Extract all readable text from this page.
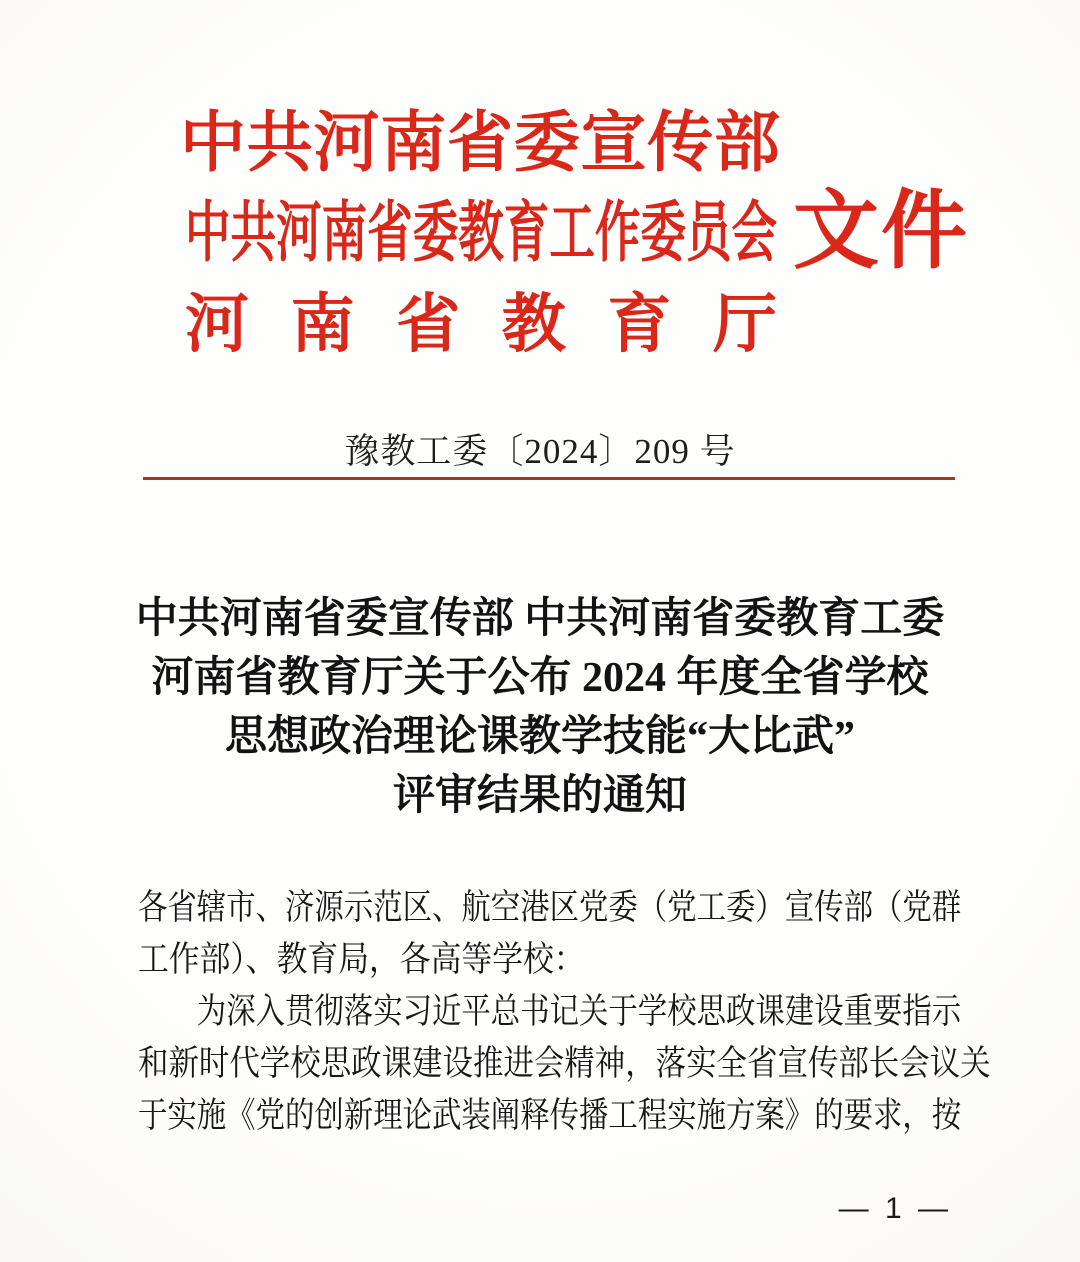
中共河南省委宣传部
中共河南省委教育工作委员会 文件
河南省教育厅
豫教工委〔2024〕209 号
中共河南省委宣传部 中共河南省委教育工委
河南省教育厅关于公布 2024 年度全省学校
思想政治理论课教学技能“大比武”
评审结果的通知
各省辖市、济源示范区、航空港区党委（党工委）宣传部（党群
工作部）、教育局，各高等学校：
为深入贯彻落实习近平总书记关于学校思政课建设重要指示
和新时代学校思政课建设推进会精神，落实全省宣传部长会议关
于实施《党的创新理论武装阐释传播工程实施方案》的要求，按
— 1 —
